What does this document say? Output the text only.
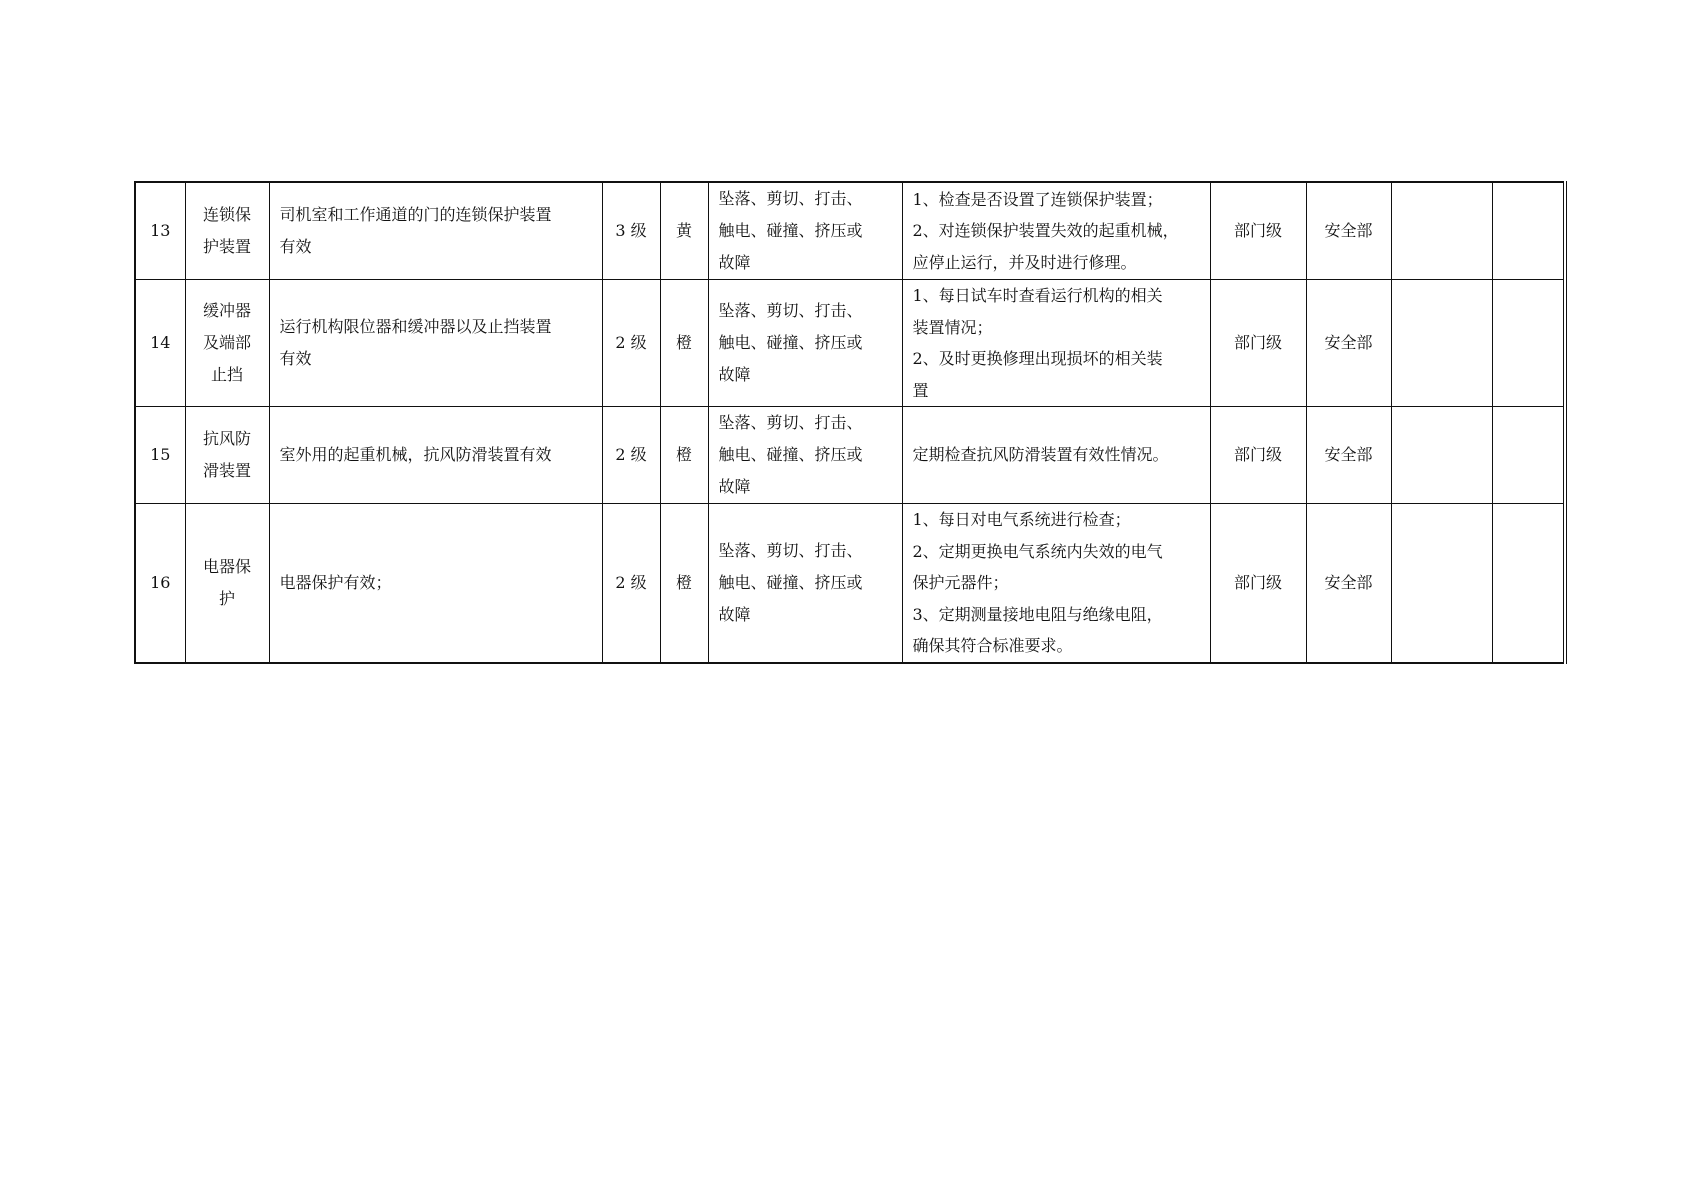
13	连锁保
护装置	司机室和工作通道的门的连锁保护装置
有效	3 级	黄	坠落、剪切、打击、
触电、碰撞、挤压或
故障	1、检查是否设置了连锁保护装置；
2、对连锁保护装置失效的起重机械，
应停止运行，并及时进行修理。	部门级	安全部		
14	缓冲器
及端部
止挡	运行机构限位器和缓冲器以及止挡装置
有效	2 级	橙	坠落、剪切、打击、
触电、碰撞、挤压或
故障	1、每日试车时查看运行机构的相关
装置情况；
2、及时更换修理出现损坏的相关装
置	部门级	安全部		
15	抗风防
滑装置	室外用的起重机械，抗风防滑装置有效	2 级	橙	坠落、剪切、打击、
触电、碰撞、挤压或
故障	定期检查抗风防滑装置有效性情况。	部门级	安全部		
16	电器保
护	电器保护有效；	2 级	橙	坠落、剪切、打击、
触电、碰撞、挤压或
故障	1、每日对电气系统进行检查；
2、定期更换电气系统内失效的电气
保护元器件；
3、定期测量接地电阻与绝缘电阻，
确保其符合标准要求。	部门级	安全部		
